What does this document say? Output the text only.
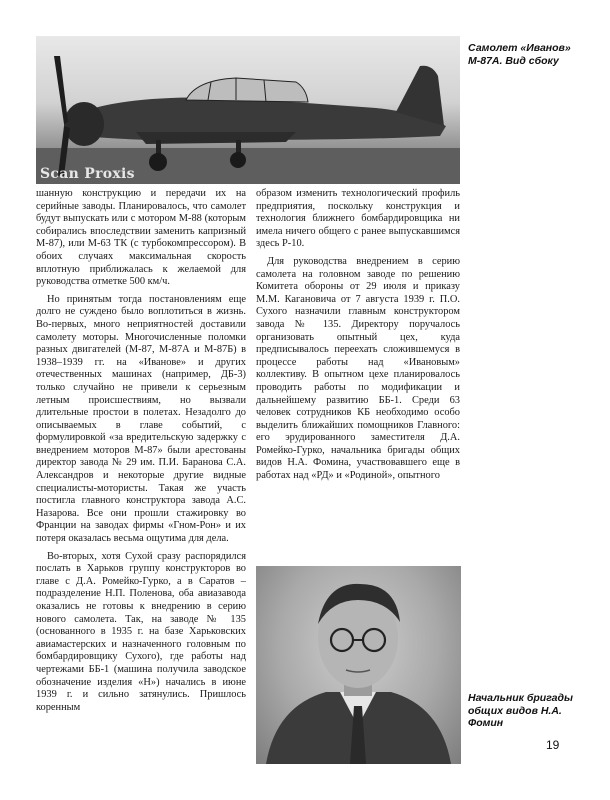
Scan Proxis
Самолет «Иванов» М-87А. Вид сбоку

шанную конструкцию и передачи их на серийные заводы. Планировалось, что самолет будут выпускать или с мотором М-88 (которым собирались впоследствии заменить капризный М-87), или М-63 ТК (с турбокомпрессором). В обоих случаях максимальная скорость вплотную приближалась к желаемой для руководства отметке 500 км/ч.

Но принятым тогда постановлениям еще долго не суждено было воплотиться в жизнь. Во-первых, много неприятностей доставили самолету моторы. Многочисленные поломки разных двигателей (М-87, М-87А и М-87Б) в 1938–1939 гг. на «Иванове» и других отечественных машинах (например, ДБ-3) только случайно не привели к серьезным летным происшествиям, но вызвали длительные простои в полетах. Незадолго до описываемых в главе событий, с формулировкой «за вредительскую задержку с внедрением моторов М-87» были арестованы директор завода № 29 им. П.И. Баранова С.А. Александров и некоторые другие видные специалисты-мотористы. Такая же участь постигла главного конструктора завода А.С. Назарова. Все они прошли стажировку во Франции на заводах фирмы «Гном-Рон» и их потеря оказалась весьма ощутима для дела.

Во-вторых, хотя Сухой сразу распорядился послать в Харьков группу конструкторов во главе с Д.А. Ромейко-Гурко, а в Саратов – подразделение Н.П. Поленова, оба авиазавода оказались не готовы к внедрению в серию нового самолета. Так, на заводе № 135 (основанного в 1935 г. на базе Харьковских авиамастерских и назначенного головным по бомбардировщику Сухого), где работы над чертежами ББ-1 (машина получила заводское обозначение изделия «Н») начались в июне 1939 г. и сильно затянулись. Пришлось коренным

образом изменить технологический профиль предприятия, поскольку конструкция и технология ближнего бомбардировщика ни имела ничего общего с ранее выпускавшимся здесь Р-10.

Для руководства внедрением в серию самолета на головном заводе по решению Комитета обороны от 29 июля и приказу М.М. Кагановича от 7 августа 1939 г. П.О. Сухого назначили главным конструктором завода № 135. Директору поручалось организовать опытный цех, куда предписывалось переехать сложившемуся в процессе работы над «Ивановым» коллективу. В опытном цехе планировалось проводить работы по модификации и дальнейшему развитию ББ-1. Среди 63 человек сотрудников КБ необходимо особо выделить ближайших помощников Главного: его эрудированного заместителя Д.А. Ромейко-Гурко, начальника бригады общих видов Н.А. Фомина, участвовавшего еще в работах над «РД» и «Родиной», опытного

Начальник бригады общих видов Н.А. Фомин
19
